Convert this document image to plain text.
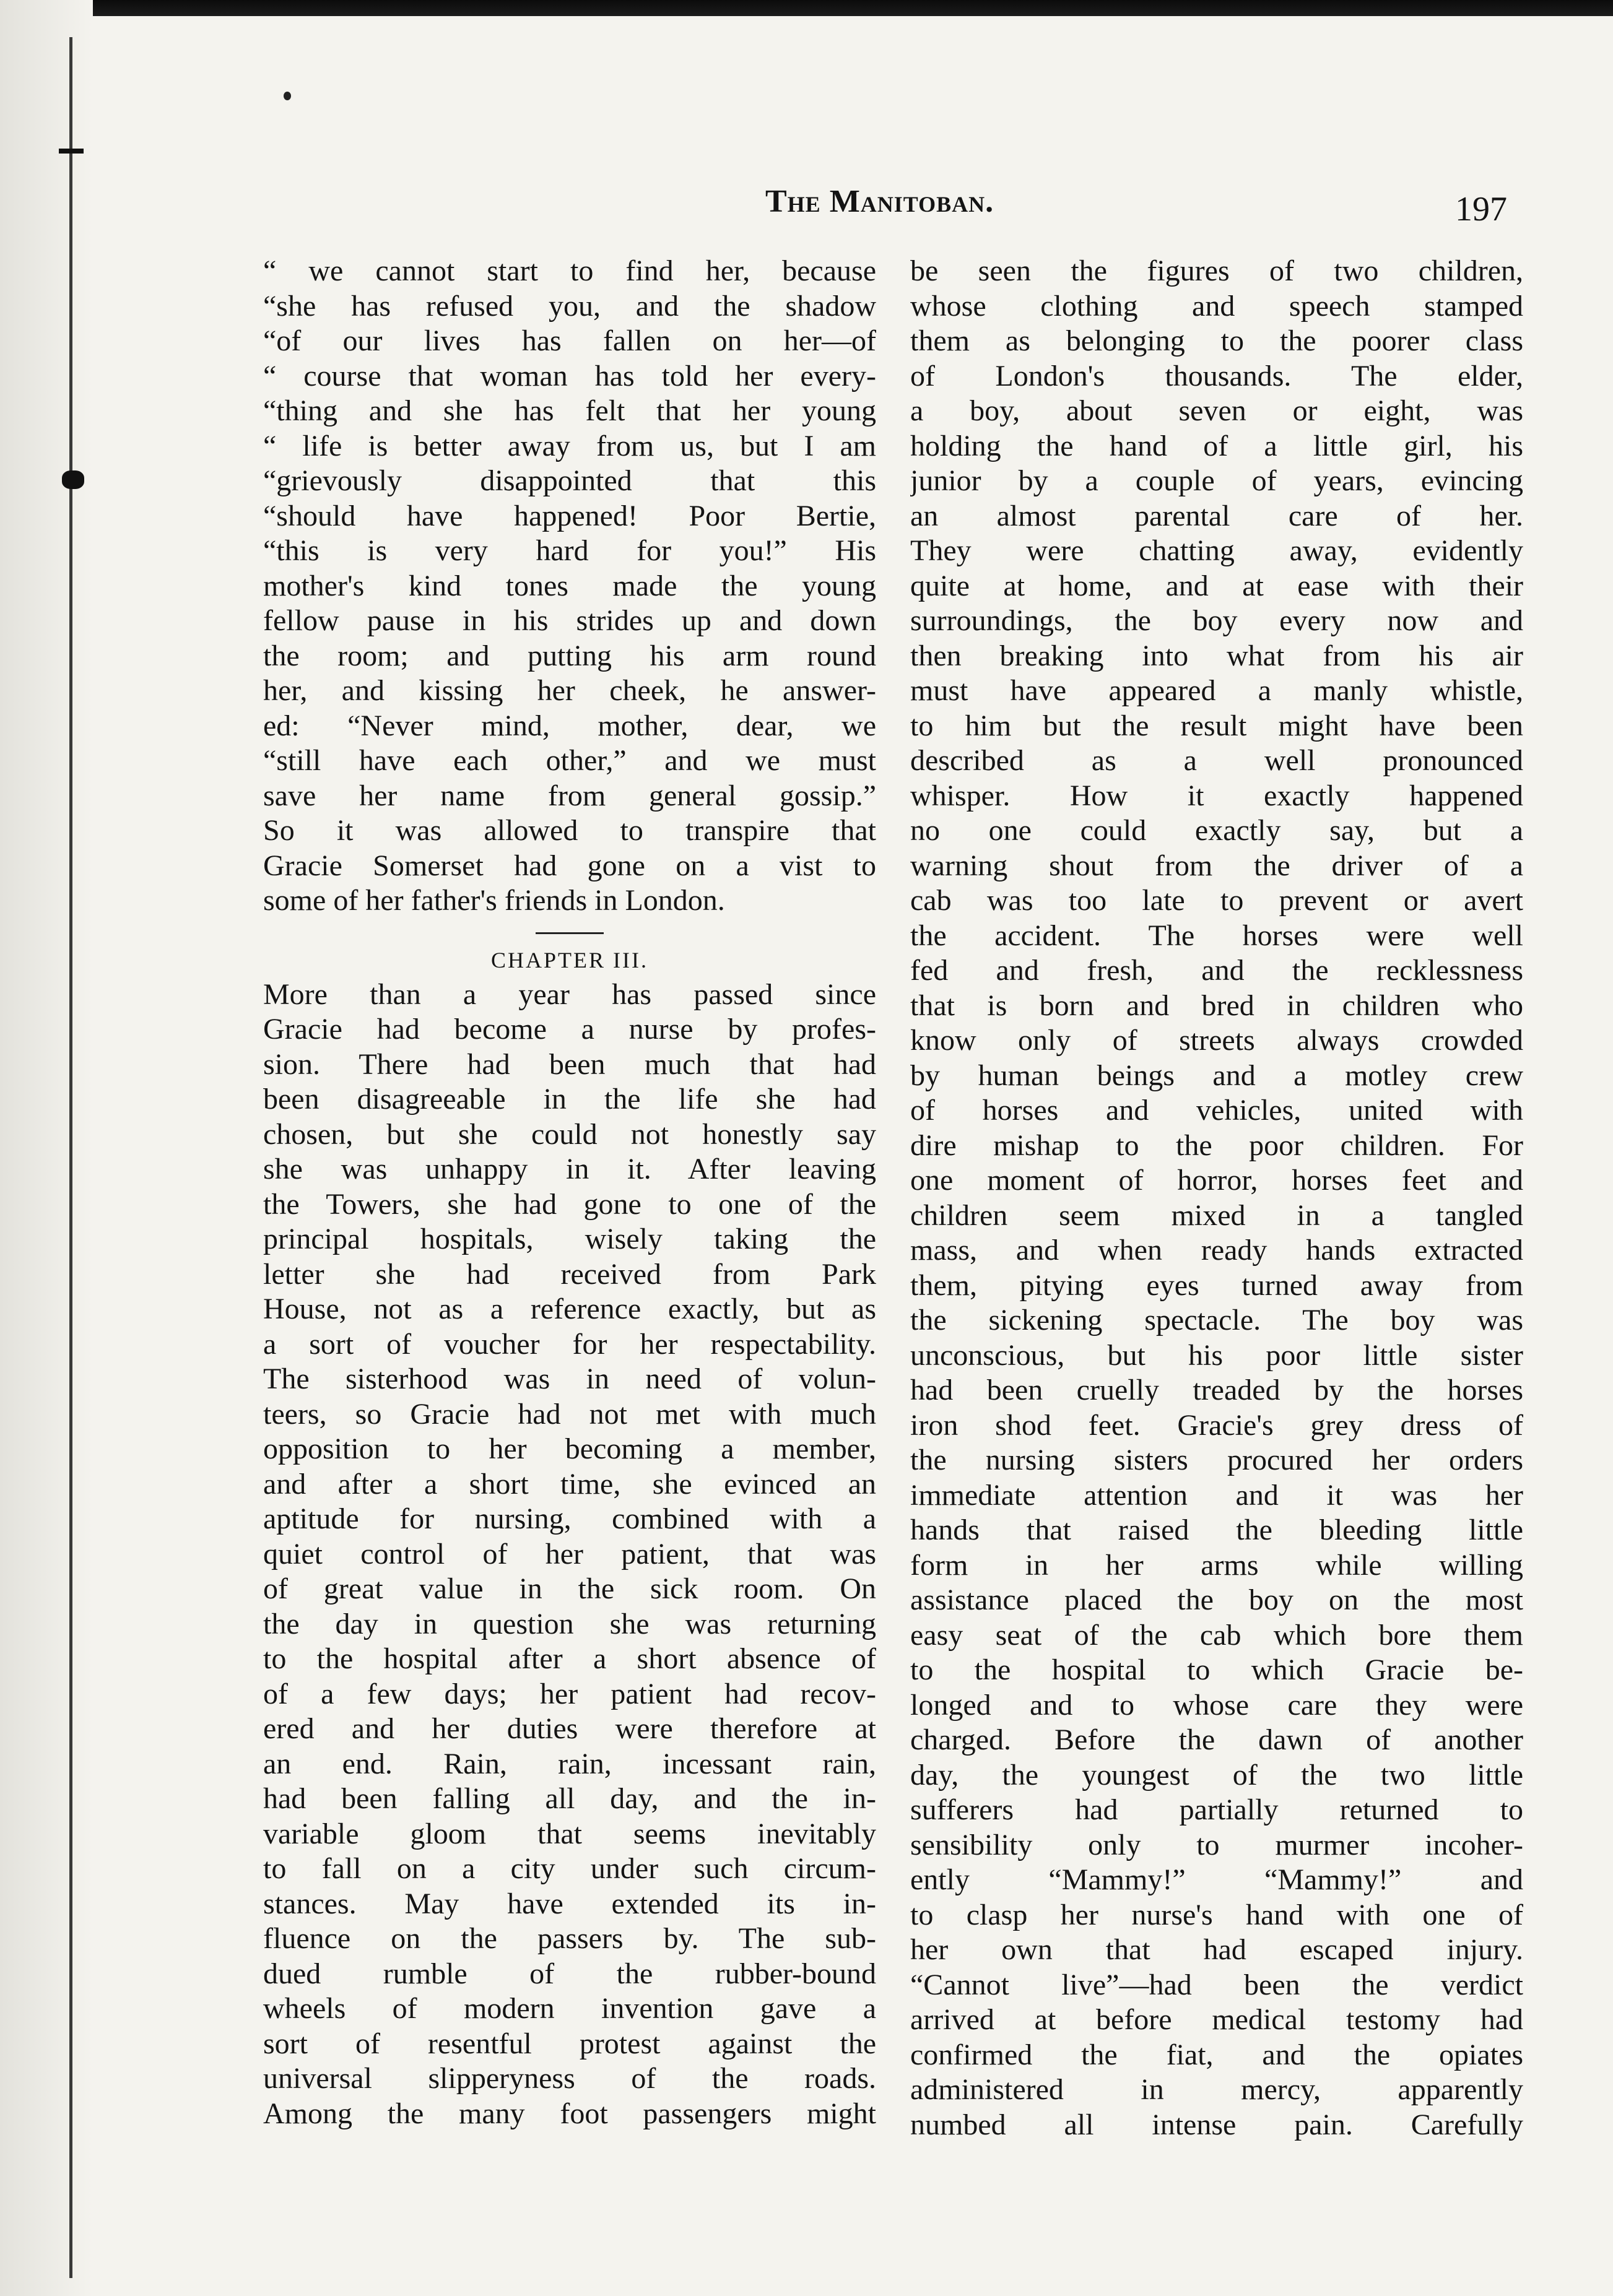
The Manitoban.	197
“ we cannot start to find her, because
“she has refused you, and the shadow
“of our lives has fallen on her—of
“ course that woman has told her every-
“thing and she has felt that her young
“ life is better away from us, but I am
“grievously disappointed that this
“should have happened! Poor Bertie,
“this is very hard for you!” His
mother's kind tones made the young
fellow pause in his strides up and down
the room; and putting his arm round
her, and kissing her cheek, he answer-
ed: “Never mind, mother, dear, we
“still have each other,” and we must
save her name from general gossip.”
So it was allowed to transpire that
Gracie Somerset had gone on a vist to
some of her father's friends in London.
CHAPTER III.
More than a year has passed since
Gracie had become a nurse by profes-
sion. There had been much that had
been disagreeable in the life she had
chosen, but she could not honestly say
she was unhappy in it. After leaving
the Towers, she had gone to one of the
principal hospitals, wisely taking the
letter she had received from Park
House, not as a reference exactly, but as
a sort of voucher for her respectability.
The sisterhood was in need of volun-
teers, so Gracie had not met with much
opposition to her becoming a member,
and after a short time, she evinced an
aptitude for nursing, combined with a
quiet control of her patient, that was
of great value in the sick room. On
the day in question she was returning
to the hospital after a short absence of
of a few days; her patient had recov-
ered and her duties were therefore at
an end. Rain, rain, incessant rain,
had been falling all day, and the in-
variable gloom that seems inevitably
to fall on a city under such circum-
stances. May have extended its in-
fluence on the passers by. The sub-
dued rumble of the rubber-bound
wheels of modern invention gave a
sort of resentful protest against the
universal slipperyness of the roads.
Among the many foot passengers might
be seen the figures of two children,
whose clothing and speech stamped
them as belonging to the poorer class
of London's thousands. The elder,
a boy, about seven or eight, was
holding the hand of a little girl, his
junior by a couple of years, evincing
an almost parental care of her.
They were chatting away, evidently
quite at home, and at ease with their
surroundings, the boy every now and
then breaking into what from his air
must have appeared a manly whistle,
to him but the result might have been
described as a well pronounced
whisper. How it exactly happened
no one could exactly say, but a
warning shout from the driver of a
cab was too late to prevent or avert
the accident. The horses were well
fed and fresh, and the recklessness
that is born and bred in children who
know only of streets always crowded
by human beings and a motley crew
of horses and vehicles, united with
dire mishap to the poor children. For
one moment of horror, horses feet and
children seem mixed in a tangled
mass, and when ready hands extracted
them, pitying eyes turned away from
the sickening spectacle. The boy was
unconscious, but his poor little sister
had been cruelly treaded by the horses
iron shod feet. Gracie's grey dress of
the nursing sisters procured her orders
immediate attention and it was her
hands that raised the bleeding little
form in her arms while willing
assistance placed the boy on the most
easy seat of the cab which bore them
to the hospital to which Gracie be-
longed and to whose care they were
charged. Before the dawn of another
day, the youngest of the two little
sufferers had partially returned to
sensibility only to murmer incoher-
ently “Mammy!” “Mammy!” and
to clasp her nurse's hand with one of
her own that had escaped injury.
“Cannot live”—had been the verdict
arrived at before medical testomy had
confirmed the fiat, and the opiates
administered in mercy, apparently
numbed all intense pain. Carefully
